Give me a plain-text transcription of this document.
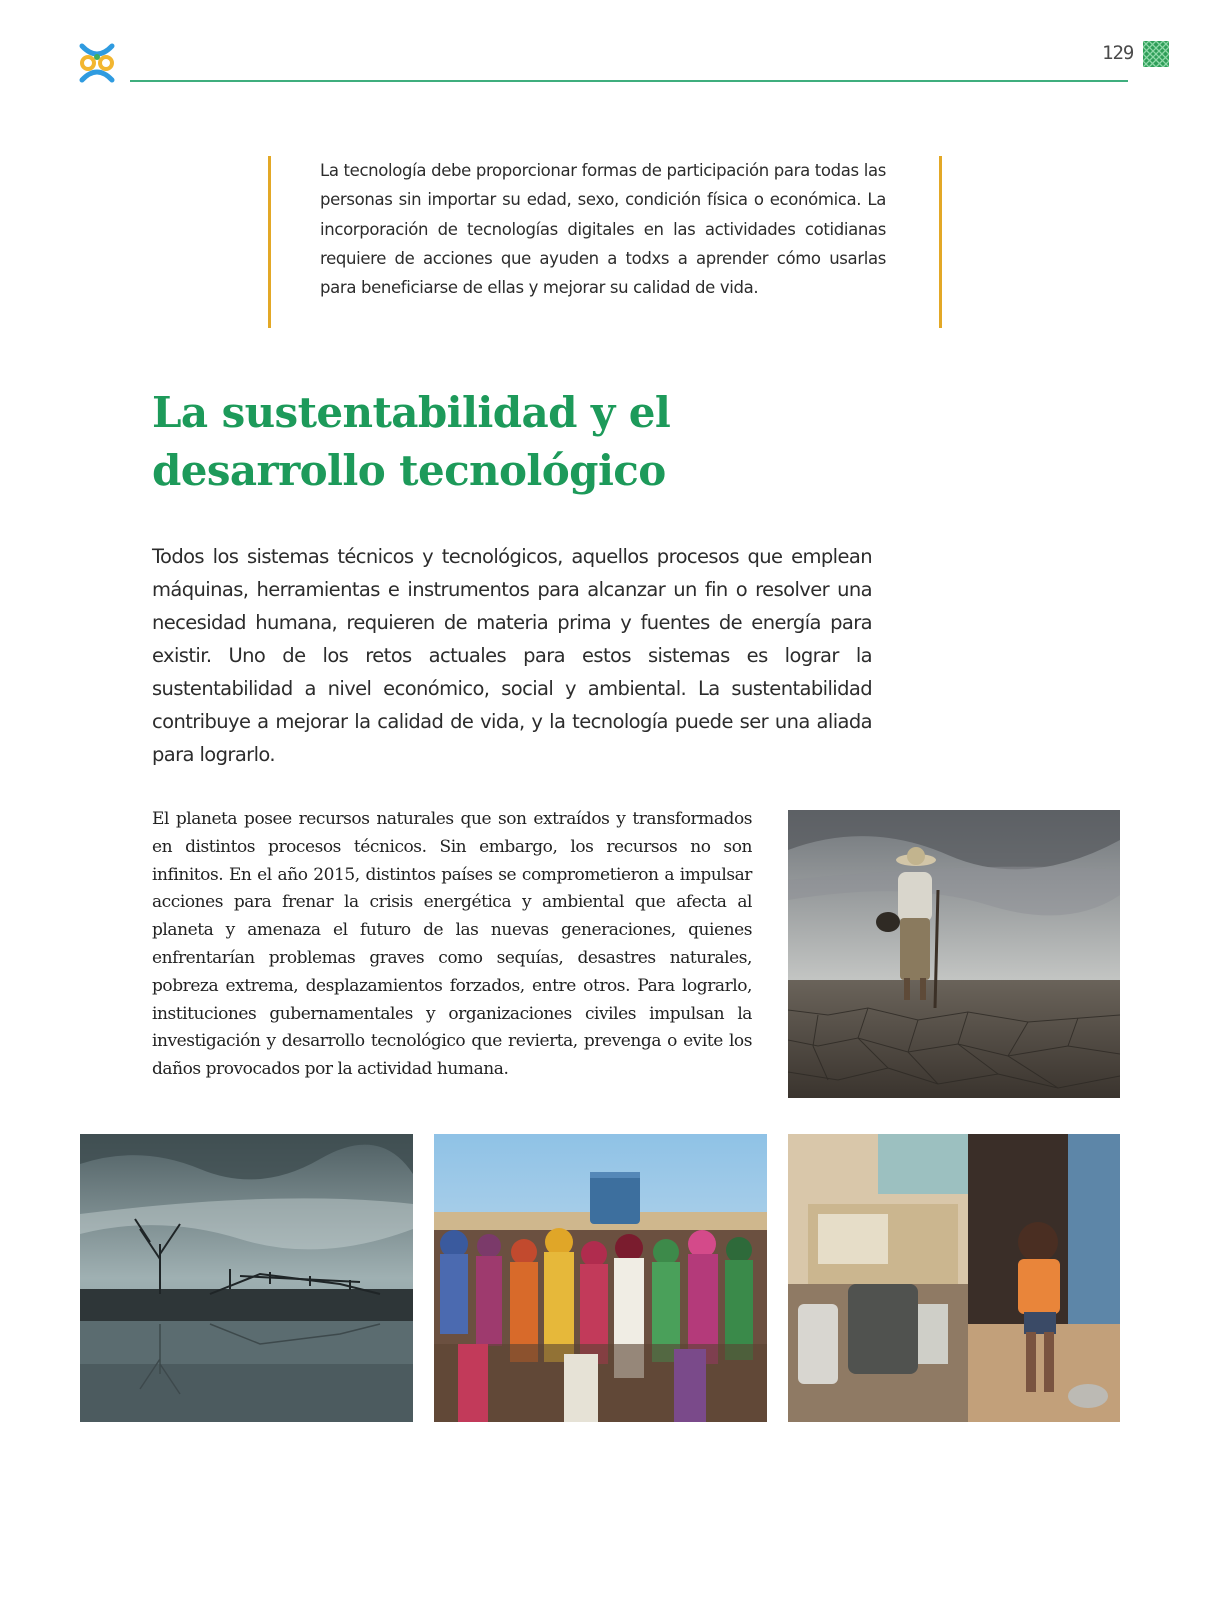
129

La tecnología debe proporcionar formas de participación para todas las personas sin importar su edad, sexo, condición física o económica. La incorporación de tecnologías digitales en las actividades cotidianas requiere de acciones que ayuden a todxs a aprender cómo usarlas para beneficiarse de ellas y mejorar su calidad de vida.

La sustentabilidad y el
desarrollo tecnológico

Todos los sistemas técnicos y tecnológicos, aquellos procesos que emplean máquinas, herramientas e instrumentos para alcanzar un fin o resolver una necesidad humana, requieren de materia prima y fuentes de energía para existir. Uno de los retos actuales para estos sistemas es lograr la sustentabilidad a nivel económico, social y ambiental. La sustentabilidad contribuye a mejorar la calidad de vida, y la tecnología puede ser una aliada para lograrlo.

El planeta posee recursos naturales que son extraídos y transformados en distintos procesos técnicos. Sin embargo, los recursos no son infinitos. En el año 2015, distintos países se comprometieron a impulsar acciones para frenar la crisis energética y ambiental que afecta al planeta y amenaza el futuro de las nuevas generaciones, quienes enfrentarían problemas graves como sequías, desastres naturales, pobreza extrema, desplazamientos forzados, entre otros. Para lograrlo, instituciones gubernamentales y organizaciones civiles impulsan la investigación y desarrollo tecnológico que revierta, prevenga o evite los daños provocados por la actividad humana.
